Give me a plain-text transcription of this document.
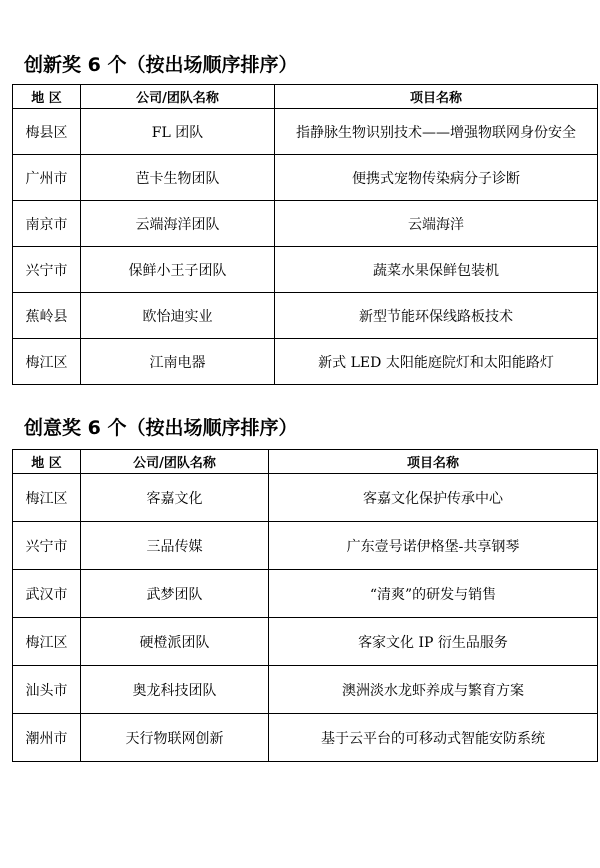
创新奖 6 个（按出场顺序排序）
地 区	公司/团队名称	项目名称
梅县区	FL 团队	指静脉生物识别技术——增强物联网身份安全
广州市	芭卡生物团队	便携式宠物传染病分子诊断
南京市	云端海洋团队	云端海洋
兴宁市	保鲜小王子团队	蔬菜水果保鲜包装机
蕉岭县	欧怡迪实业	新型节能环保线路板技术
梅江区	江南电器	新式 LED 太阳能庭院灯和太阳能路灯
创意奖 6 个（按出场顺序排序）
地 区	公司/团队名称	项目名称
梅江区	客嘉文化	客嘉文化保护传承中心
兴宁市	三品传媒	广东壹号诺伊格堡-共享钢琴
武汉市	武梦团队	“清爽”的研发与销售
梅江区	硬橙派团队	客家文化 IP 衍生品服务
汕头市	奥龙科技团队	澳洲淡水龙虾养成与繁育方案
潮州市	天行物联网创新	基于云平台的可移动式智能安防系统
